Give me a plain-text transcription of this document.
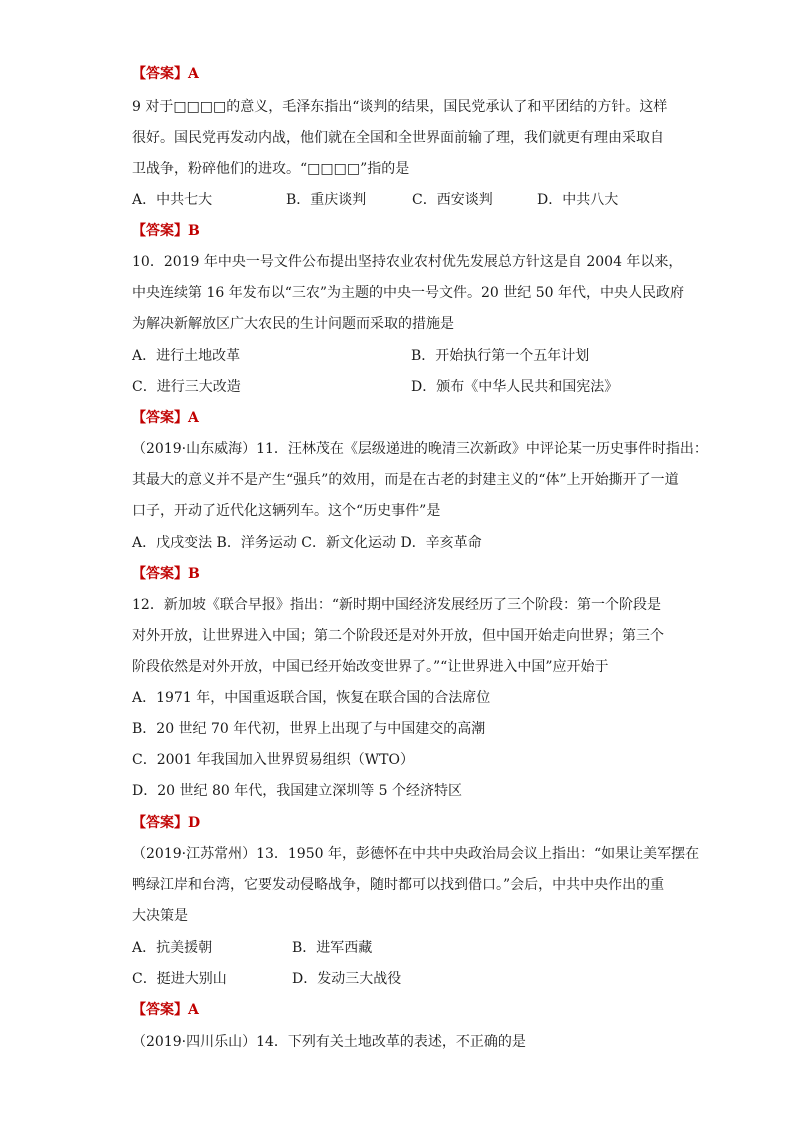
【答案】A
9 对于□□□□的意义，毛泽东指出“谈判的结果，国民党承认了和平团结的方针。这样
很好。国民党再发动内战，他们就在全国和全世界面前输了理，我们就更有理由采取自
卫战争，粉碎他们的进攻。“□□□□”指的是
A．中共七大	B．重庆谈判	C．西安谈判	D．中共八大
【答案】B
10．2019 年中央一号文件公布提出坚持农业农村优先发展总方针这是自 2004 年以来，
中央连续第 16 年发布以“三农”为主题的中央一号文件。20 世纪 50 年代，中央人民政府
为解决新解放区广大农民的生计问题而采取的措施是
A．进行土地改革	B．开始执行第一个五年计划
C．进行三大改造	D．颁布《中华人民共和国宪法》
【答案】A
（2019·山东威海）11．汪林茂在《层级递进的晚清三次新政》中评论某一历史事件时指出：
其最大的意义并不是产生“强兵”的效用，而是在古老的封建主义的“体”上开始撕开了一道
口子，开动了近代化这辆列车。这个“历史事件”是
A．戊戌变法 B．洋务运动 C．新文化运动 D．辛亥革命
【答案】B
12．新加坡《联合早报》指出：“新时期中国经济发展经历了三个阶段：第一个阶段是
对外开放，让世界进入中国；第二个阶段还是对外开放，但中国开始走向世界；第三个
阶段依然是对外开放，中国已经开始改变世界了。”“让世界进入中国”应开始于
A．1971 年，中国重返联合国，恢复在联合国的合法席位
B．20 世纪 70 年代初，世界上出现了与中国建交的高潮
C．2001 年我国加入世界贸易组织（WTO）
D．20 世纪 80 年代，我国建立深圳等 5 个经济特区
【答案】D
（2019·江苏常州）13．1950 年，彭德怀在中共中央政治局会议上指出：“如果让美军摆在
鸭绿江岸和台湾，它要发动侵略战争，随时都可以找到借口。”会后，中共中央作出的重
大决策是
A．抗美援朝	B．进军西藏
C．挺进大别山	D．发动三大战役
【答案】A
（2019·四川乐山）14．下列有关土地改革的表述，不正确的是
